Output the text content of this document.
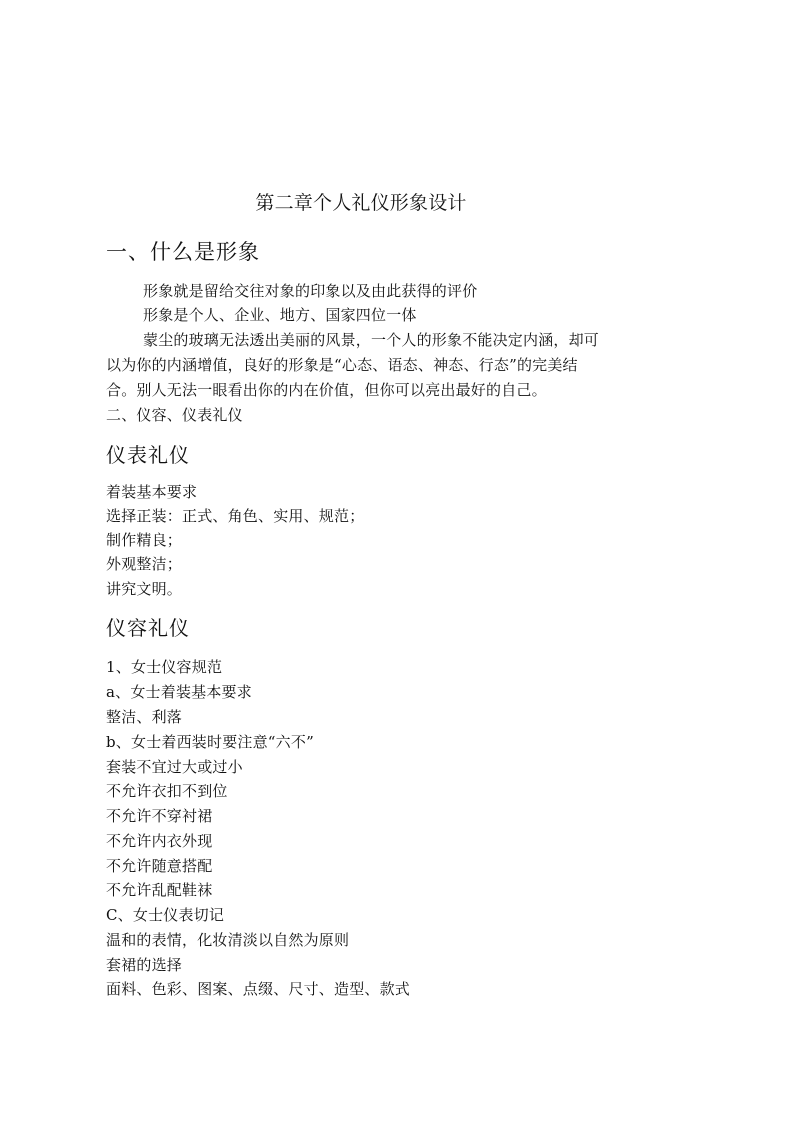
第二章个人礼仪形象设计
一、什么是形象
形象就是留给交往对象的印象以及由此获得的评价
形象是个人、企业、地方、国家四位一体
蒙尘的玻璃无法透出美丽的风景，一个人的形象不能决定内涵，却可
以为你的内涵增值，良好的形象是“心态、语态、神态、行态”的完美结
合。别人无法一眼看出你的内在价值，但你可以亮出最好的自己。
二、仪容、仪表礼仪
仪表礼仪
着装基本要求
选择正装：正式、角色、实用、规范；
制作精良；
外观整洁；
讲究文明。
仪容礼仪
1、女士仪容规范
a、女士着装基本要求
整洁、利落
b、女士着西装时要注意“六不”
套装不宜过大或过小
不允许衣扣不到位
不允许不穿衬裙
不允许内衣外现
不允许随意搭配
不允许乱配鞋袜
C、女士仪表切记
温和的表情，化妆清淡以自然为原则
套裙的选择
面料、色彩、图案、点缀、尺寸、造型、款式
